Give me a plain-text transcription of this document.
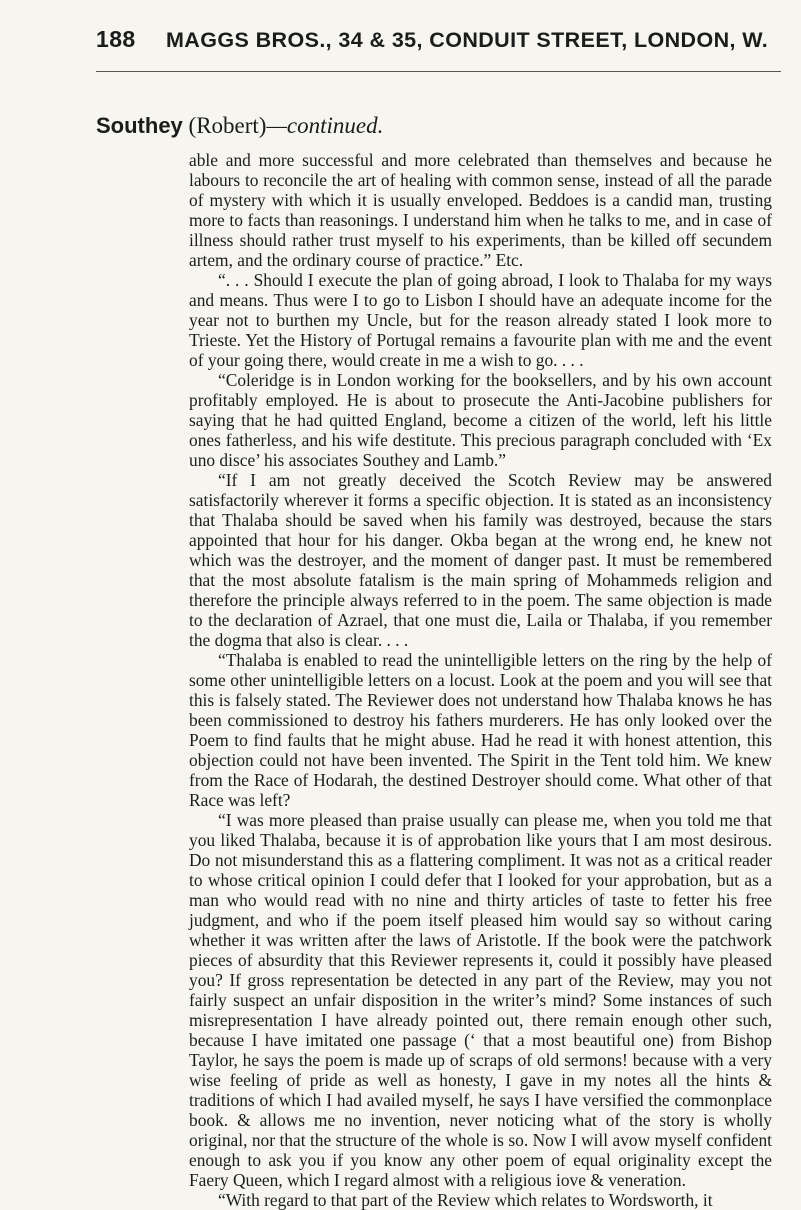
188	MAGGS BROS., 34 & 35, CONDUIT STREET, LONDON, W.
Southey (Robert)—continued.

able and more successful and more celebrated than themselves and because he labours to reconcile the art of healing with common sense, instead of all the parade of mystery with which it is usually enveloped. Beddoes is a candid man, trusting more to facts than reasonings. I understand him when he talks to me, and in case of illness should rather trust myself to his experiments, than be killed off secundem artem, and the ordinary course of practice.” Etc.

“. . . Should I execute the plan of going abroad, I look to Thalaba for my ways and means. Thus were I to go to Lisbon I should have an adequate income for the year not to burthen my Uncle, but for the reason already stated I look more to Trieste. Yet the History of Portugal remains a favourite plan with me and the event of your going there, would create in me a wish to go. . . .

“Coleridge is in London working for the booksellers, and by his own account profitably employed. He is about to prosecute the Anti-Jacobine publishers for saying that he had quitted England, become a citizen of the world, left his little ones fatherless, and his wife destitute. This precious paragraph concluded with ‘Ex uno disce’ his associates Southey and Lamb.”

“If I am not greatly deceived the Scotch Review may be answered satisfactorily wherever it forms a specific objection. It is stated as an inconsistency that Thalaba should be saved when his family was destroyed, because the stars appointed that hour for his danger. Okba began at the wrong end, he knew not which was the destroyer, and the moment of danger past. It must be remembered that the most absolute fatalism is the main spring of Mohammeds religion and therefore the principle always referred to in the poem. The same objection is made to the declaration of Azrael, that one must die, Laila or Thalaba, if you remember the dogma that also is clear. . . .

“Thalaba is enabled to read the unintelligible letters on the ring by the help of some other unintelligible letters on a locust. Look at the poem and you will see that this is falsely stated. The Reviewer does not understand how Thalaba knows he has been commissioned to destroy his fathers murderers. He has only looked over the Poem to find faults that he might abuse. Had he read it with honest attention, this objection could not have been invented. The Spirit in the Tent told him. We knew from the Race of Hodarah, the destined Destroyer should come. What other of that Race was left?

“I was more pleased than praise usually can please me, when you told me that you liked Thalaba, because it is of approbation like yours that I am most desirous. Do not misunderstand this as a flattering compliment. It was not as a critical reader to whose critical opinion I could defer that I looked for your approbation, but as a man who would read with no nine and thirty articles of taste to fetter his free judgment, and who if the poem itself pleased him would say so without caring whether it was written after the laws of Aristotle. If the book were the patchwork pieces of absurdity that this Reviewer represents it, could it possibly have pleased you? If gross representation be detected in any part of the Review, may you not fairly suspect an unfair disposition in the writer’s mind? Some instances of such misrepresentation I have already pointed out, there remain enough other such, because I have imitated one passage (‘ that a most beautiful one) from Bishop Taylor, he says the poem is made up of scraps of old sermons! because with a very wise feeling of pride as well as honesty, I gave in my notes all the hints & traditions of which I had availed myself, he says I have versified the commonplace book. & allows me no invention, never noticing what of the story is wholly original, nor that the structure of the whole is so. Now I will avow myself confident enough to ask you if you know any other poem of equal originality except the Faery Queen, which I regard almost with a religious iove & veneration.

“With regard to that part of the Review which relates to Wordsworth, it
